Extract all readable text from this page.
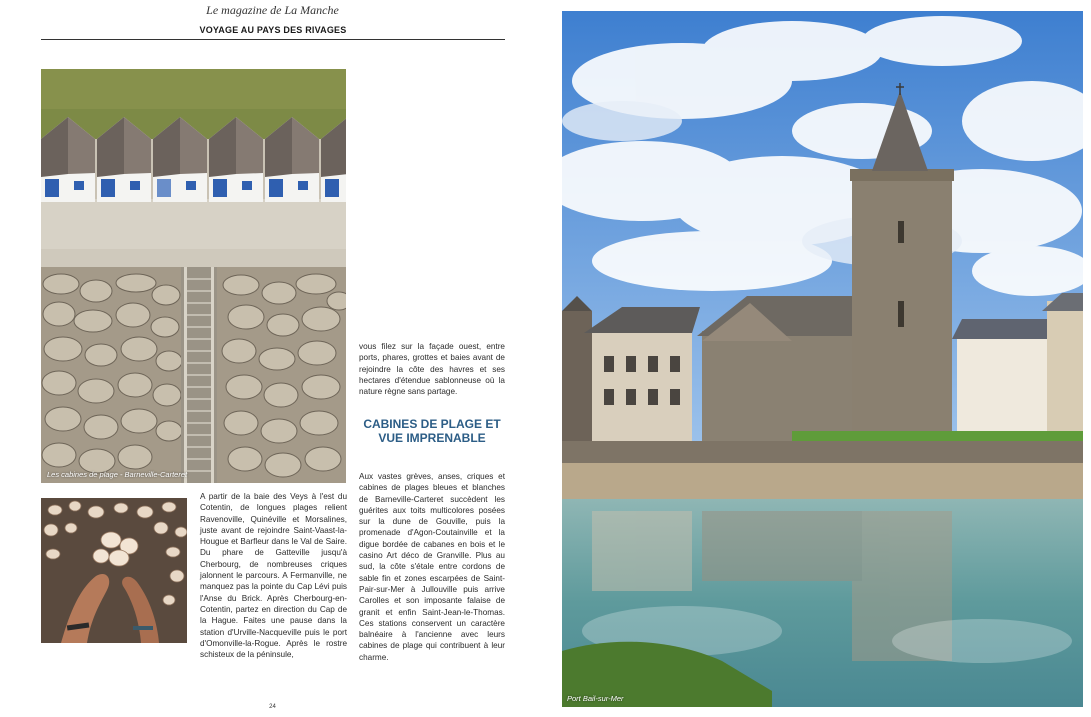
Le magazine de La Manche
VOYAGE AU PAYS DES RIVAGES
Les cabines de plage - Barneville-Carteret
A partir de la baie des Veys à l'est du Cotentin, de longues plages relient Ravenoville, Quinéville et Morsalines, juste avant de rejoindre Saint-Vaast-la-Hougue et Barfleur dans le Val de Saire. Du phare de Gatteville jusqu'à Cherbourg, de nombreuses criques jalonnent le parcours. A Fermanville, ne manquez pas la pointe du Cap Lévi puis l'Anse du Brick. Après Cherbourg-en-Cotentin, partez en direction du Cap de la Hague. Faites une pause dans la station d'Urville-Nacqueville puis le port d'Omonville-la-Rogue. Après le rostre schisteux de la péninsule,
vous filez sur la façade ouest, entre ports, phares, grottes et baies avant de rejoindre la côte des havres et ses hectares d'étendue sablonneuse où la nature règne sans partage.
CABINES DE PLAGE ET VUE IMPRENABLE
Aux vastes grèves, anses, criques et cabines de plages bleues et blanches de Barneville-Carteret succèdent les guérites aux toits multicolores posées sur la dune de Gouville, puis la promenade d'Agon-Coutainville et la digue bordée de cabanes en bois et le casino Art déco de Granville. Plus au sud, la côte s'étale entre cordons de sable fin et zones escarpées de Saint-Pair-sur-Mer à Jullouville puis arrive Carolles et son imposante falaise de granit et enfin Saint-Jean-le-Thomas. Ces stations conservent un caractère balnéaire à l'ancienne avec leurs cabines de plage qui contribuent à leur charme.
24
Port Bail-sur-Mer
